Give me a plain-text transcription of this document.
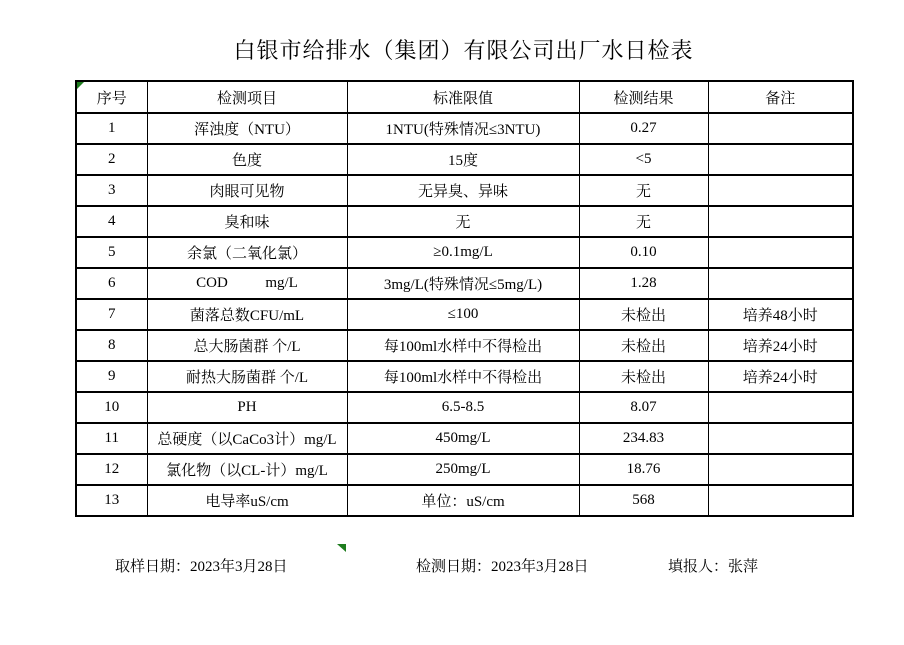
白银市给排水（集团）有限公司出厂水日检表
序号	检测项目	标准限值	检测结果	备注
1	浑浊度（NTU）	1NTU(特殊情况≤3NTU)	0.27	
2	色度	15度	<5	
3	肉眼可见物	无异臭、异味	无	
4	臭和味	无	无	
5	余氯（二氧化氯）	≥0.1mg/L	0.10	
6	COD          mg/L	3mg/L(特殊情况≤5mg/L)	1.28	
7	菌落总数CFU/mL	≤100	未检出	培养48小时
8	总大肠菌群 个/L	每100ml水样中不得检出	未检出	培养24小时
9	耐热大肠菌群 个/L	每100ml水样中不得检出	未检出	培养24小时
10	PH	6.5-8.5	8.07	
11	总硬度（以CaCo3计）mg/L	450mg/L	234.83	
12	氯化物（以CL-计）mg/L	250mg/L	18.76	
13	电导率uS/cm	单位：uS/cm	568	
取样日期：2023年3月28日	检测日期：2023年3月28日	填报人：张萍
